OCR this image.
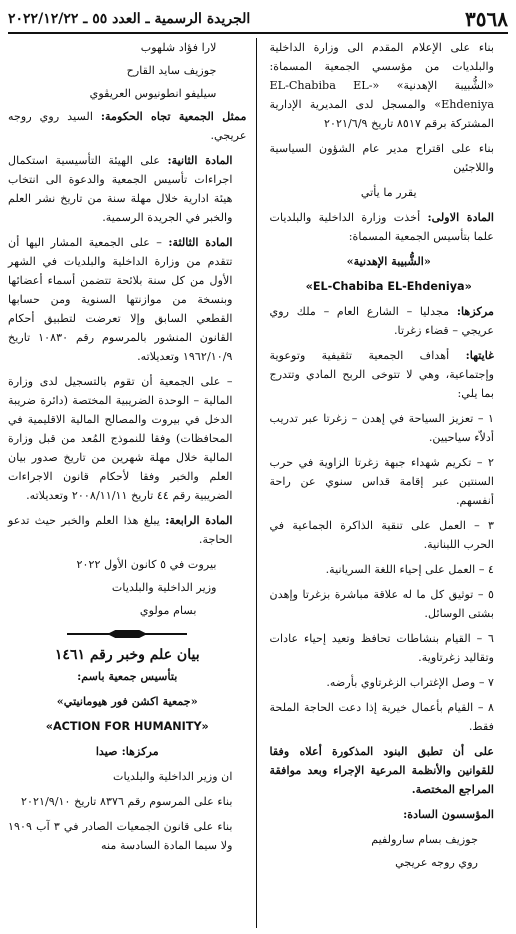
٣٥٦٨
الجريدة الرسمية ـ العدد ٥٥ ـ ٢٠٢٢/١٢/٢٢

بناء على الإعلام المقدم الى وزارة الداخلية والبلديات من مؤسسي الجمعية المسماة: «الشُّبيبة الإهدنية» «EL-Chabiba EL-Ehdeniya» والمسجل لدى المديرية الإدارية المشتركة برقم ٨٥١٧ تاريخ ٢٠٢١/٦/٩

بناء على اقتراح مدير عام الشؤون السياسية واللاجئين

يقرر ما يأتي

المادة الاولى: أخذت وزارة الداخلية والبلديات علما بتأسيس الجمعية المسماة:

«الشُّبيبة الإهدنية»

«EL-Chabiba EL-Ehdeniya»

مركزها: مجدليا – الشارع العام – ملك روي عريجي – قضاء زغرتا.

غايتها: أهداف الجمعية تثقيفية وتوعوية وإجتماعية، وهي لا تتوخى الربح المادي وتتدرج بما يلي:

١ – تعزيز السياحة في إهدن – زغرتا عبر تدريب أدلاّء سياحيين.

٢ – تكريم شهداء جبهة زغرتا الزاوية في حرب السنتين عبر إقامة قداس سنوي عن راحة أنفسهم.

٣ – العمل على تنقية الذاكرة الجماعية في الحرب اللبنانية.

٤ – العمل على إحياء اللغة السريانية.

٥ – توثيق كل ما له علاقة مباشرة بزغرتا وإهدن بشتى الوسائل.

٦ – القيام بنشاطات تحافظ وتعيد إحياء عادات وتقاليد زغرتاوية.

٧ – وصل الإغتراب الزغرتاوي بأرضه.

٨ – القيام بأعمال خيرية إذا دعت الحاجة الملحة فقط.

على أن تطبق البنود المذكورة أعلاه وفقا للقوانين والأنظمة المرعية الإجراء وبعد موافقة المراجع المختصة.

المؤسسون السادة:

جوزيف بسام سارولفيم

روي روجه عريجي

لارا فؤاد شلهوب

جوزيف سايد القارح

سيليفو انطونيوس العريڤوي

ممثل الجمعية تجاه الحكومة: السيد روي روجه عريجي.

المادة الثانية: على الهيئة التأسيسية استكمال اجراءات تأسيس الجمعية والدعوة الى انتخاب هيئة ادارية خلال مهلة سنة من تاريخ نشر العلم والخبر في الجريدة الرسمية.

المادة الثالثة: – على الجمعية المشار اليها أن تتقدم من وزارة الداخلية والبلديات في الشهر الأول من كل سنة بلائحة تتضمن أسماء أعضائها وبنسخة من موازنتها السنوية ومن حسابها القطعي السابق وإلا تعرضت لتطبيق أحكام القانون المنشور بالمرسوم رقم ١٠٨٣٠ تاريخ ١٩٦٢/١٠/٩ وتعديلاته.

– على الجمعية أن تقوم بالتسجيل لدى وزارة المالية – الوحدة الضريبية المختصة (دائرة ضريبة الدخل في بيروت والمصالح المالية الاقليمية في المحافظات) وفقا للنموذج المُعد من قبل وزارة المالية خلال مهلة شهرين من تاريخ صدور بيان العلم والخبر وفقا لأحكام قانون الاجراءات الضريبية رقم ٤٤ تاريخ ٢٠٠٨/١١/١١ وتعديلاته.

المادة الرابعة: يبلغ هذا العلم والخبر حيث تدعو الحاجة.

بيروت في ٥ كانون الأول ٢٠٢٢

وزير الداخلية والبلديات

بسام مولوي

بيان علم وخبر رقم ١٤٦١

بتأسيس جمعية باسم:

«جمعية اكشن فور هيومانيتي»

«ACTION FOR HUMANITY»

مركزها: صيدا

ان وزير الداخلية والبلديات

بناء على المرسوم رقم ٨٣٧٦ تاريخ ٢٠٢١/٩/١٠

بناء على قانون الجمعيات الصادر في ٣ آب ١٩٠٩ ولا سيما المادة السادسة منه
